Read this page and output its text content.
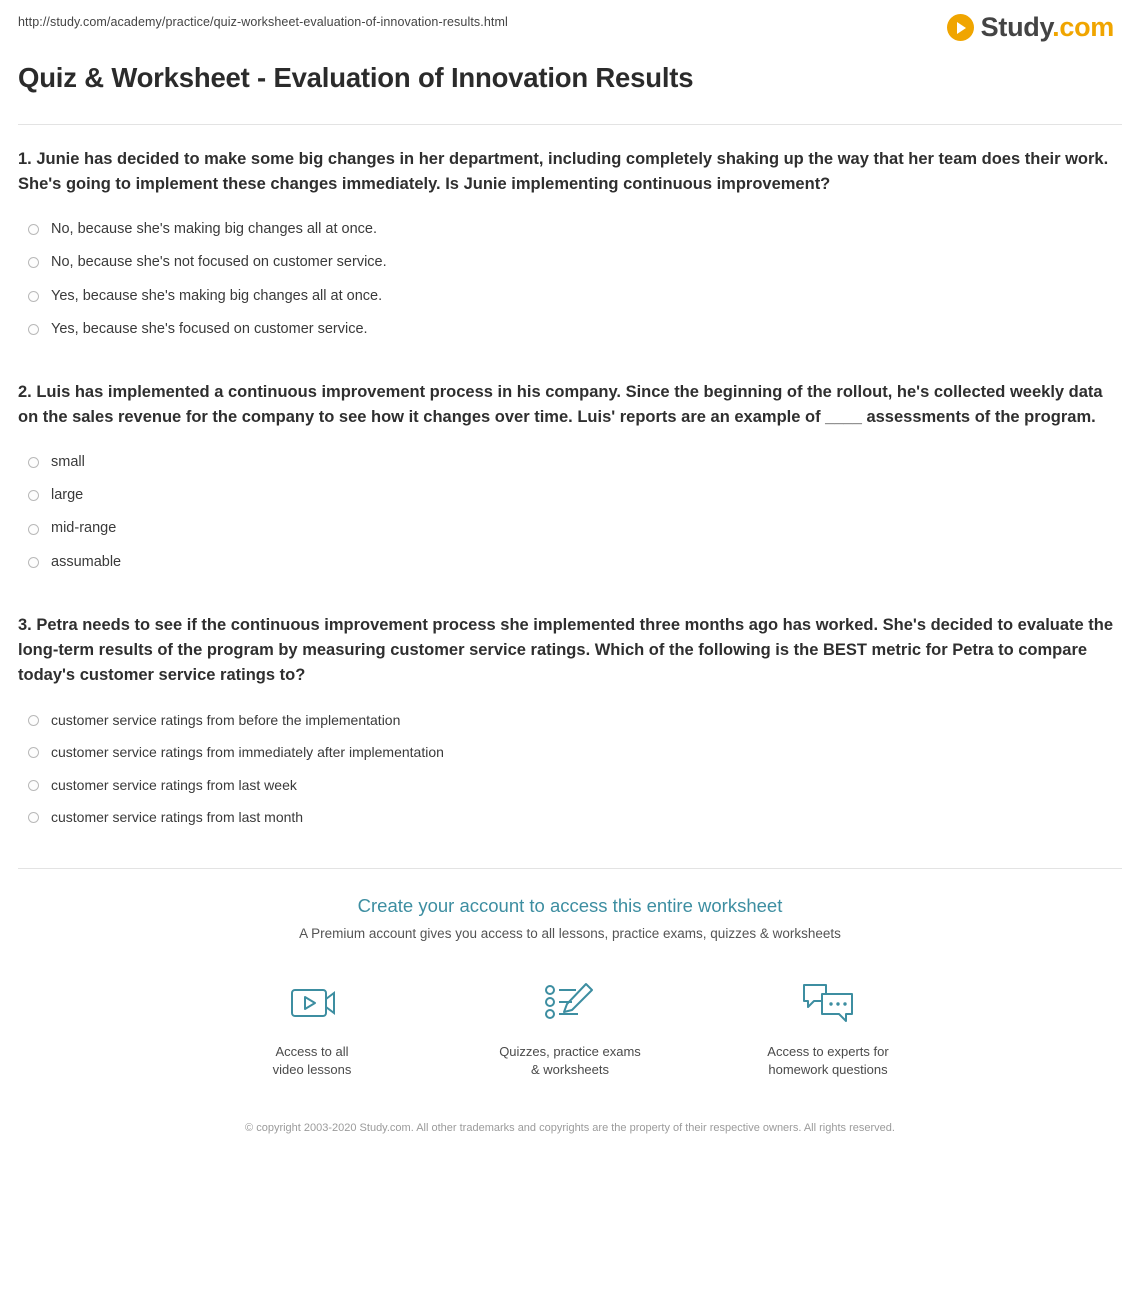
http://study.com/academy/practice/quiz-worksheet-evaluation-of-innovation-results.html	Study.com
Quiz & Worksheet - Evaluation of Innovation Results

1. Junie has decided to make some big changes in her department, including completely shaking up the way that her team does their work. She's going to implement these changes immediately. Is Junie implementing continuous improvement?

No, because she's making big changes all at once.
No, because she's not focused on customer service.
Yes, because she's making big changes all at once.
Yes, because she's focused on customer service.

2. Luis has implemented a continuous improvement process in his company. Since the beginning of the rollout, he's collected weekly data on the sales revenue for the company to see how it changes over time. Luis' reports are an example of ____ assessments of the program.

small
large
mid-range
assumable

3. Petra needs to see if the continuous improvement process she implemented three months ago has worked. She's decided to evaluate the long-term results of the program by measuring customer service ratings. Which of the following is the BEST metric for Petra to compare today's customer service ratings to?

customer service ratings from before the implementation
customer service ratings from immediately after implementation
customer service ratings from last week
customer service ratings from last month
Create your account to access this entire worksheet
A Premium account gives you access to all lessons, practice exams, quizzes & worksheets
Access to all
video lessons
Quizzes, practice exams
& worksheets
Access to experts for
homework questions
© copyright 2003-2020 Study.com. All other trademarks and copyrights are the property of their respective owners. All rights reserved.
